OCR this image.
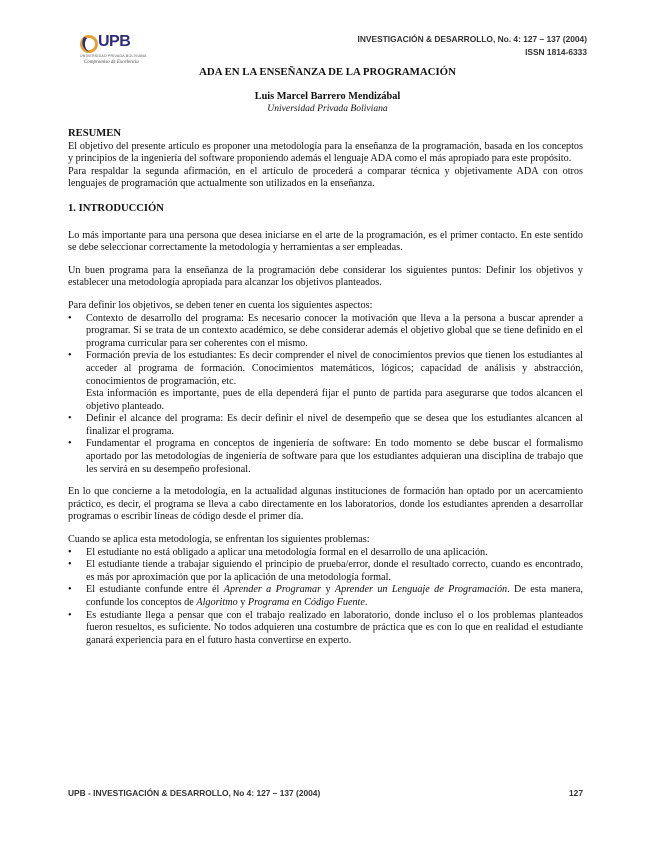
UPB
UNIVERSIDAD PRIVADA BOLIVIANA
Compromiso de Excelencia
INVESTIGACIÓN & DESARROLLO, No. 4: 127 – 137 (2004)
ISSN 1814-6333
ADA EN LA ENSEÑANZA DE LA PROGRAMACIÓN
Luis Marcel Barrero Mendizábal
Universidad Privada Boliviana

RESUMEN

El objetivo del presente artículo es proponer una metodología para la enseñanza de la programación, basada en los conceptos y principios de la ingeniería del software proponiendo además el lenguaje ADA como el más apropiado para este propósito.

Para respaldar la segunda afirmación, en el artículo de procederá a comparar técnica y objetivamente ADA con otros lenguajes de programación que actualmente son utilizados en la enseñanza.

1. INTRODUCCIÓN

Lo más importante para una persona que desea iniciarse en el arte de la programación, es el primer contacto. En este sentido se debe seleccionar correctamente la metodología y herramientas a ser empleadas.

Un buen programa para la enseñanza de la programación debe considerar los siguientes puntos: Definir los objetivos y establecer una metodología apropiada para alcanzar los objetivos planteados.

Para definir los objetivos, se deben tener en cuenta los siguientes aspectos:

• Contexto de desarrollo del programa: Es necesario conocer la motivación que lleva a la persona a buscar aprender a programar. Si se trata de un contexto académico, se debe considerar además el objetivo global que se tiene definido en el programa curricular para ser coherentes con el mismo.
• Formación previa de los estudiantes: Es decir comprender el nivel de conocimientos previos que tienen los estudiantes al acceder al programa de formación. Conocimientos matemáticos, lógicos; capacidad de análisis y abstracción, conocimientos de programación, etc.
Esta información es importante, pues de ella dependerá fijar el punto de partida para asegurarse que todos alcancen el objetivo planteado.
• Definir el alcance del programa: Es decir definir el nivel de desempeño que se desea que los estudiantes alcancen al finalizar el programa.
• Fundamentar el programa en conceptos de ingeniería de software: En todo momento se debe buscar el formalismo aportado por las metodologías de ingeniería de software para que los estudiantes adquieran una disciplina de trabajo que les servirá en su desempeño profesional.

En lo que concierne a la metodología, en la actualidad algunas instituciones de formación han optado por un acercamiento práctico, es decir, el programa se lleva a cabo directamente en los laboratorios, donde los estudiantes aprenden a desarrollar programas o escribir líneas de código desde el primer día.

Cuando se aplica esta metodología, se enfrentan los siguientes problemas:

• El estudiante no está obligado a aplicar una metodología formal en el desarrollo de una aplicación.
• El estudiante tiende a trabajar siguiendo el principio de prueba/error, donde el resultado correcto, cuando es encontrado, es más por aproximación que por la aplicación de una metodología formal.
• El estudiante confunde entre él Aprender a Programar y Aprender un Lenguaje de Programación. De esta manera, confunde los conceptos de Algoritmo y Programa en Código Fuente.
• Es estudiante llega a pensar que con el trabajo realizado en laboratorio, donde incluso el o los problemas planteados fueron resueltos, es suficiente. No todos adquieren una costumbre de práctica que es con lo que en realidad el estudiante ganará experiencia para en el futuro hasta convertirse en experto.
UPB - INVESTIGACIÓN & DESARROLLO, No 4: 127 – 137 (2004)	127
